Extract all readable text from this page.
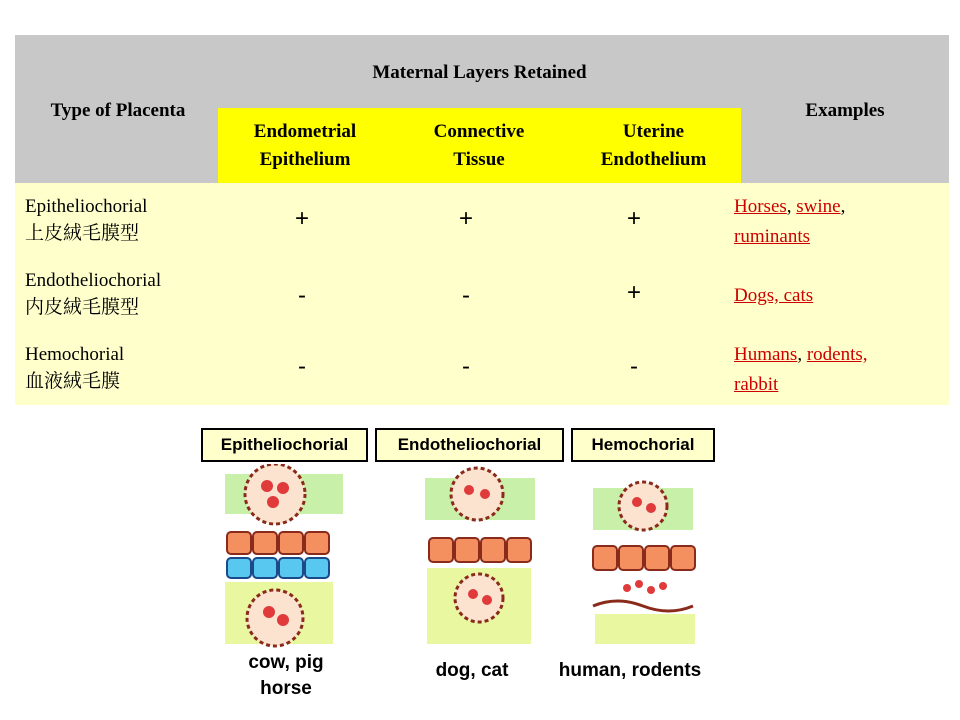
Type of Placenta
Maternal Layers Retained
Examples
Endometrial
Epithelium
Connective
Tissue
Uterine
Endothelium
Epitheliochorial
上皮絨毛膜型
+	+	+	Horses, swine,
ruminants
Endotheliochorial
内皮絨毛膜型	-	-	+	Dogs, cats
Hemochorial
血液絨毛膜
-	-	-	Humans, rodents,
rabbit
Epitheliochorial	Endotheliochorial	Hemochorial
cow, pig
horse
dog, cat	human, rodents
